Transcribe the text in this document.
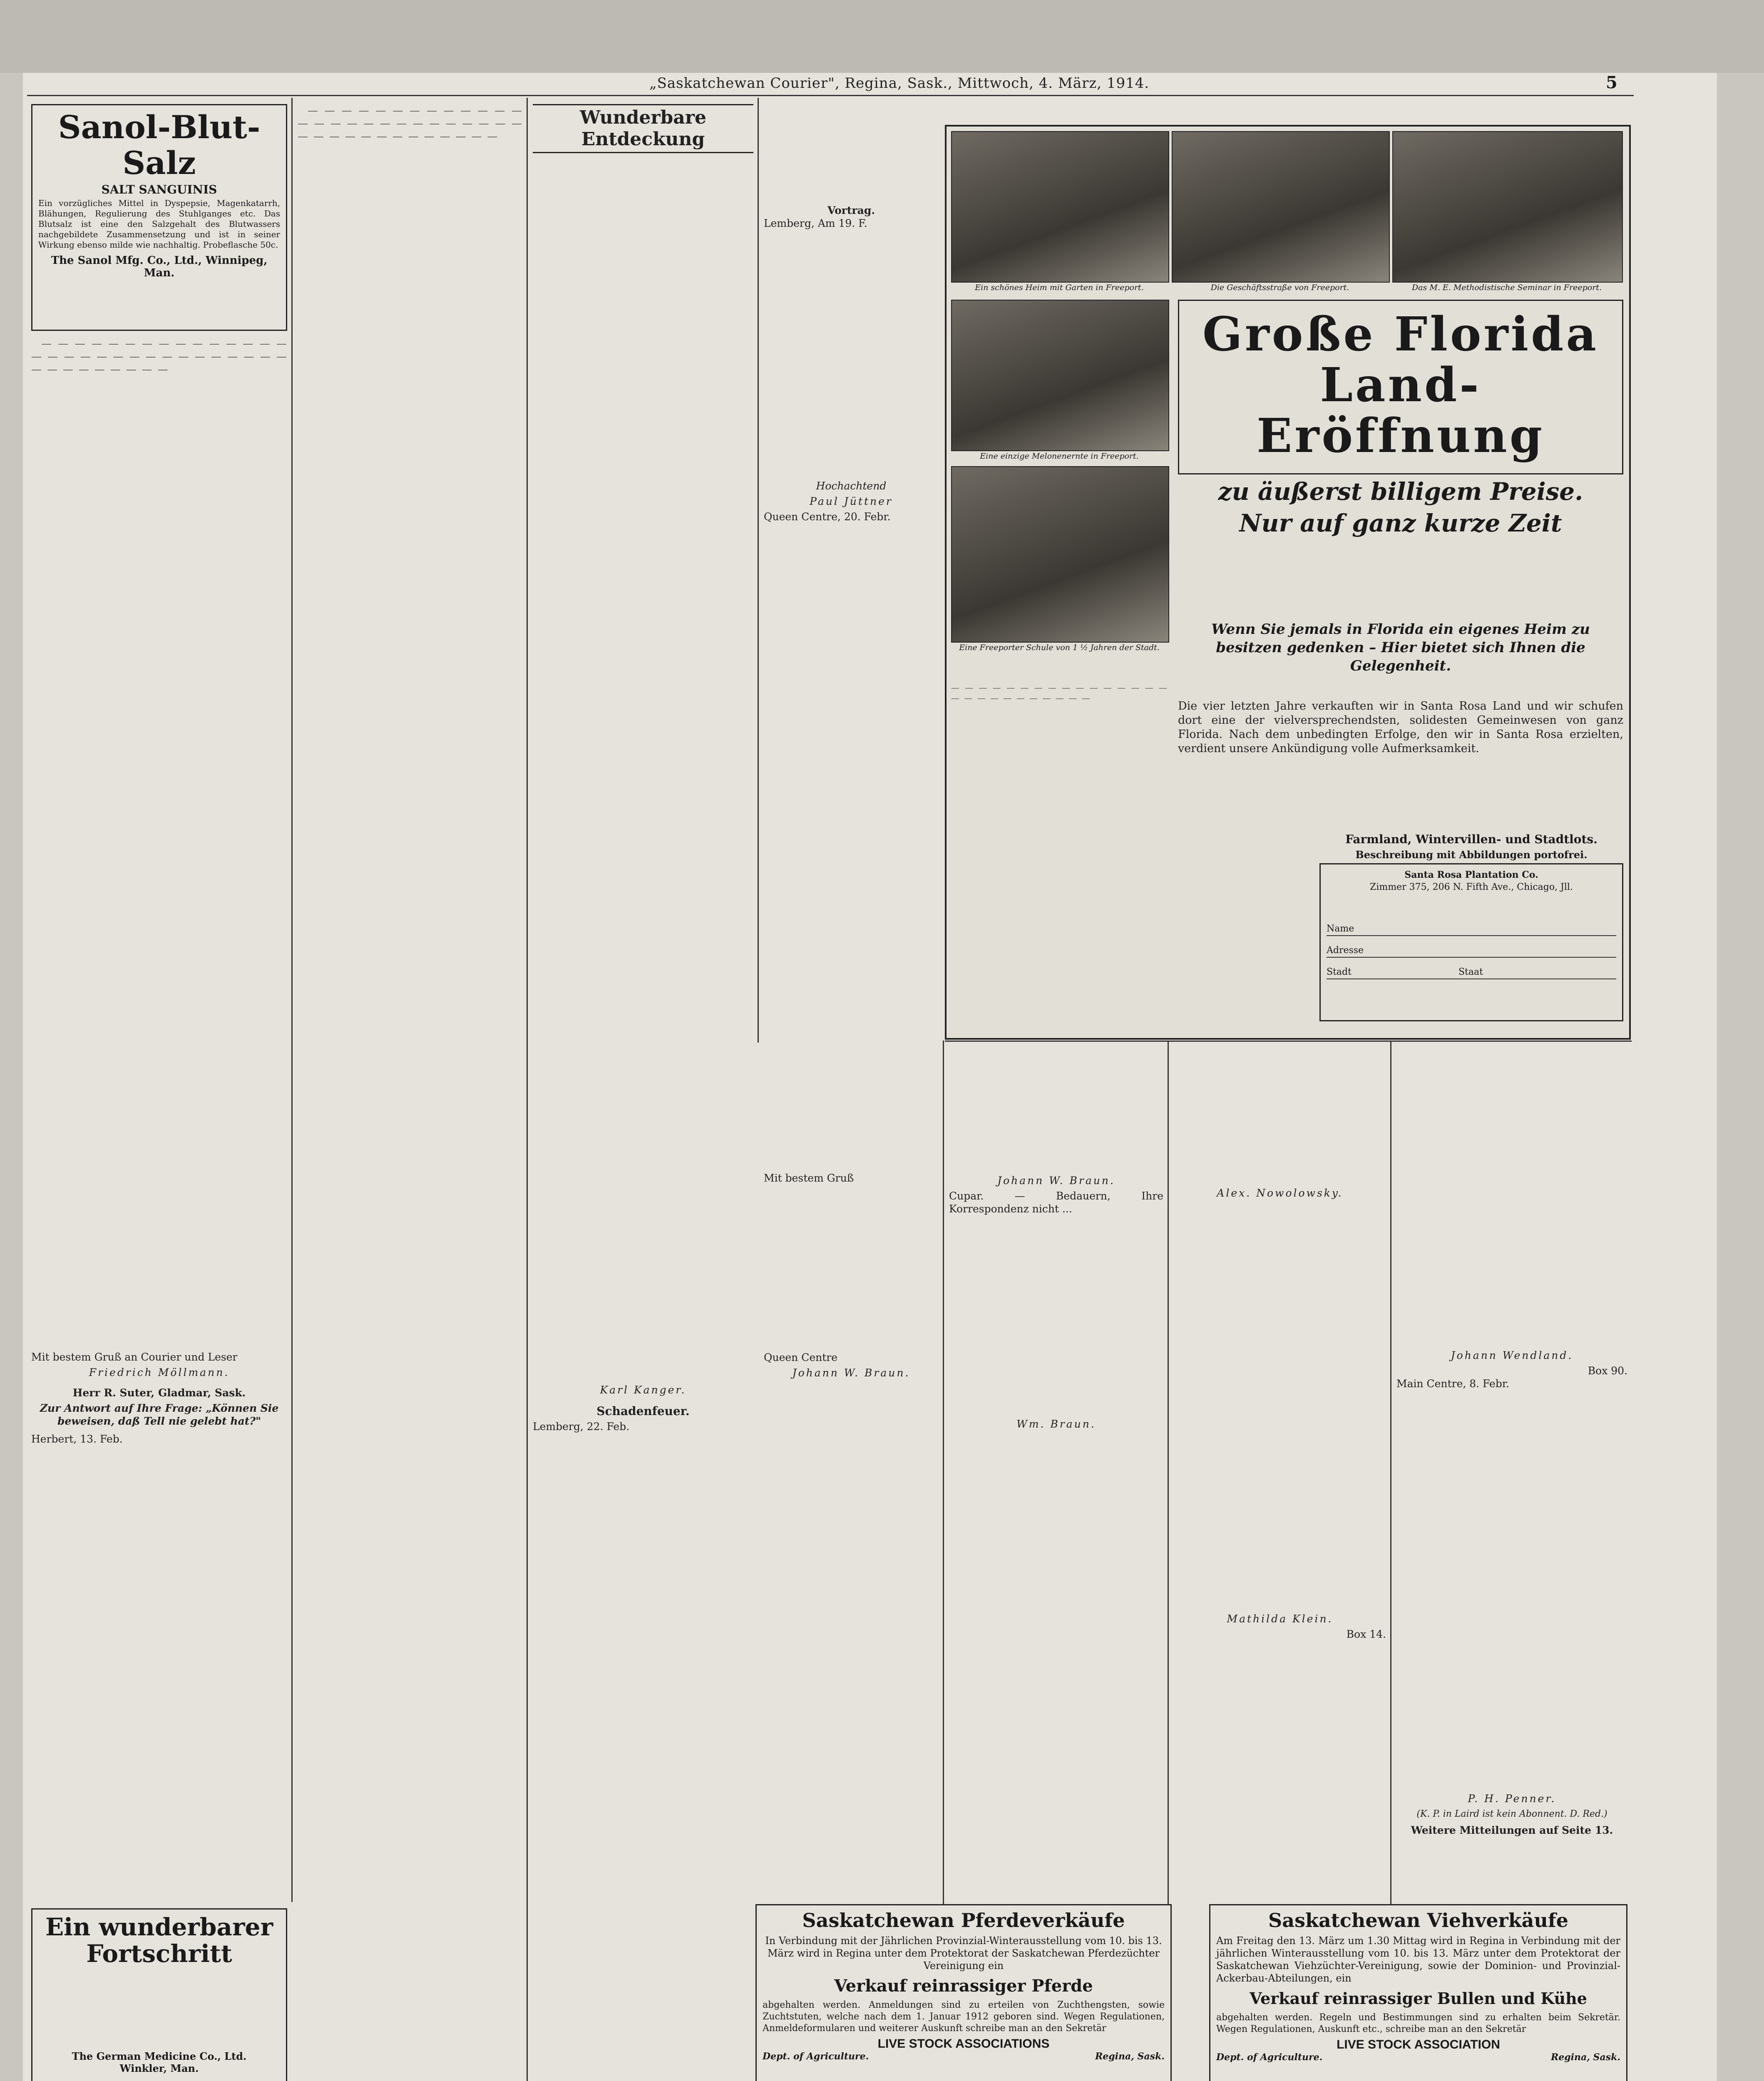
„Saskatchewan Courier", Regina, Sask., Mittwoch, 4. März, 1914.	5
Sanol-Blut-Salz
SALT SANGUINIS
Ein vorzügliches Mittel in Dyspepsie, Magenkatarrh, Blähungen, Regulierung des Stuhlganges etc. Das Blutsalz ist eine den Salzgehalt des Blutwassers nachgebildete Zusammensetzung und ist in seiner Wirkung ebenso milde wie nachhaltig. Probeflasche 50c.
The Sanol Mfg. Co., Ltd., Winnipeg, Man.

— — — — — — — — — — — — — — — — — — — — — — — — — — — — — — — — — — — — — — — —

Mit bestem Gruß an Courier und Leser
Friedrich Möllmann.
Herr R. Suter, Gladmar, Sask.
Zur Antwort auf Ihre Frage: „Können Sie beweisen, daß Tell nie gelebt hat?"
Herbert, 13. Feb.
Ein wunderbarer Fortschritt
The German Medicine Co., Ltd.
Winkler, Man.

— — — — — — — — — — — — — — — — — — — — — — — — — — — — — — — — — — — — — — — —

Wunderbare Entdeckung
Karl Kanger.
Schadenfeuer.
Lemberg, 22. Feb.
Vortrag.
Lemberg, Am 19. F.
Hochachtend
Paul Jüttner
Queen Centre, 20. Febr.
Ein schönes Heim mit Garten in Freeport.	Die Geschäftsstraße von Freeport.	Das M. E. Methodistische Seminar in Freeport.
Eine einzige Melonenernte in Freeport.
Eine Freeporter Schule von 1 ½ Jahren der Stadt.

Große Florida

Land-Eröffnung

zu äußerst billigem Preise.
Nur auf ganz kurze Zeit
Wenn Sie jemals in Florida ein eigenes Heim zu besitzen gedenken – Hier bietet sich Ihnen die Gelegenheit.
Die vier letzten Jahre verkauften wir in Santa Rosa Land und wir schufen dort eine der vielversprechendsten, solidesten Gemeinwesen von ganz Florida. Nach dem unbedingten Erfolge, den wir in Santa Rosa erzielten, verdient unsere Ankündigung volle Aufmerksamkeit.
— — — — — — — — — — — — — — — — — — — — — — — — — — —
Farmland, Wintervillen- und Stadtlots.
Beschreibung mit Abbildungen portofrei.
Santa Rosa Plantation Co.
Zimmer 375, 206 N. Fifth Ave., Chicago, Jll.
Name
Adresse
Stadt	Staat
Mit bestem Gruß
Queen Centre
Johann W. Braun.
Johann W. Braun.
Cupar. — Bedauern, Ihre Korrespondenz nicht ...
Wm. Braun.
Alex. Nowolowsky.
Mathilda Klein.
Box 14.
Johann Wendland.
Box 90.
Main Centre, 8. Febr.
P. H. Penner.
(K. P. in Laird ist kein Abonnent. D. Red.)
Weitere Mitteilungen auf Seite 13.
Saskatchewan Pferdeverkäufe
In Verbindung mit der Jährlichen Provinzial-Winterausstellung vom 10. bis 13. März wird in Regina unter dem Protektorat der Saskatchewan Pferdezüchter Vereinigung ein
Verkauf reinrassiger Pferde
abgehalten werden. Anmeldungen sind zu erteilen von Zuchthengsten, sowie Zuchtstuten, welche nach dem 1. Januar 1912 geboren sind. Wegen Regulationen, Anmeldeformularen und weiterer Auskunft schreibe man an den Sekretär
LIVE STOCK ASSOCIATIONS
Dept. of Agriculture.	Regina, Sask.
Saskatchewan Viehverkäufe
Am Freitag den 13. März um 1.30 Mittag wird in Regina in Verbindung mit der jährlichen Winterausstellung vom 10. bis 13. März unter dem Protektorat der Saskatchewan Viehzüchter-Vereinigung, sowie der Dominion- und Provinzial-Ackerbau-Abteilungen, ein
Verkauf reinrassiger Bullen und Kühe
abgehalten werden. Regeln und Bestimmungen sind zu erhalten beim Sekretär. Wegen Regulationen, Auskunft etc., schreibe man an den Sekretär
LIVE STOCK ASSOCIATION
Dept. of Agriculture.	Regina, Sask.
